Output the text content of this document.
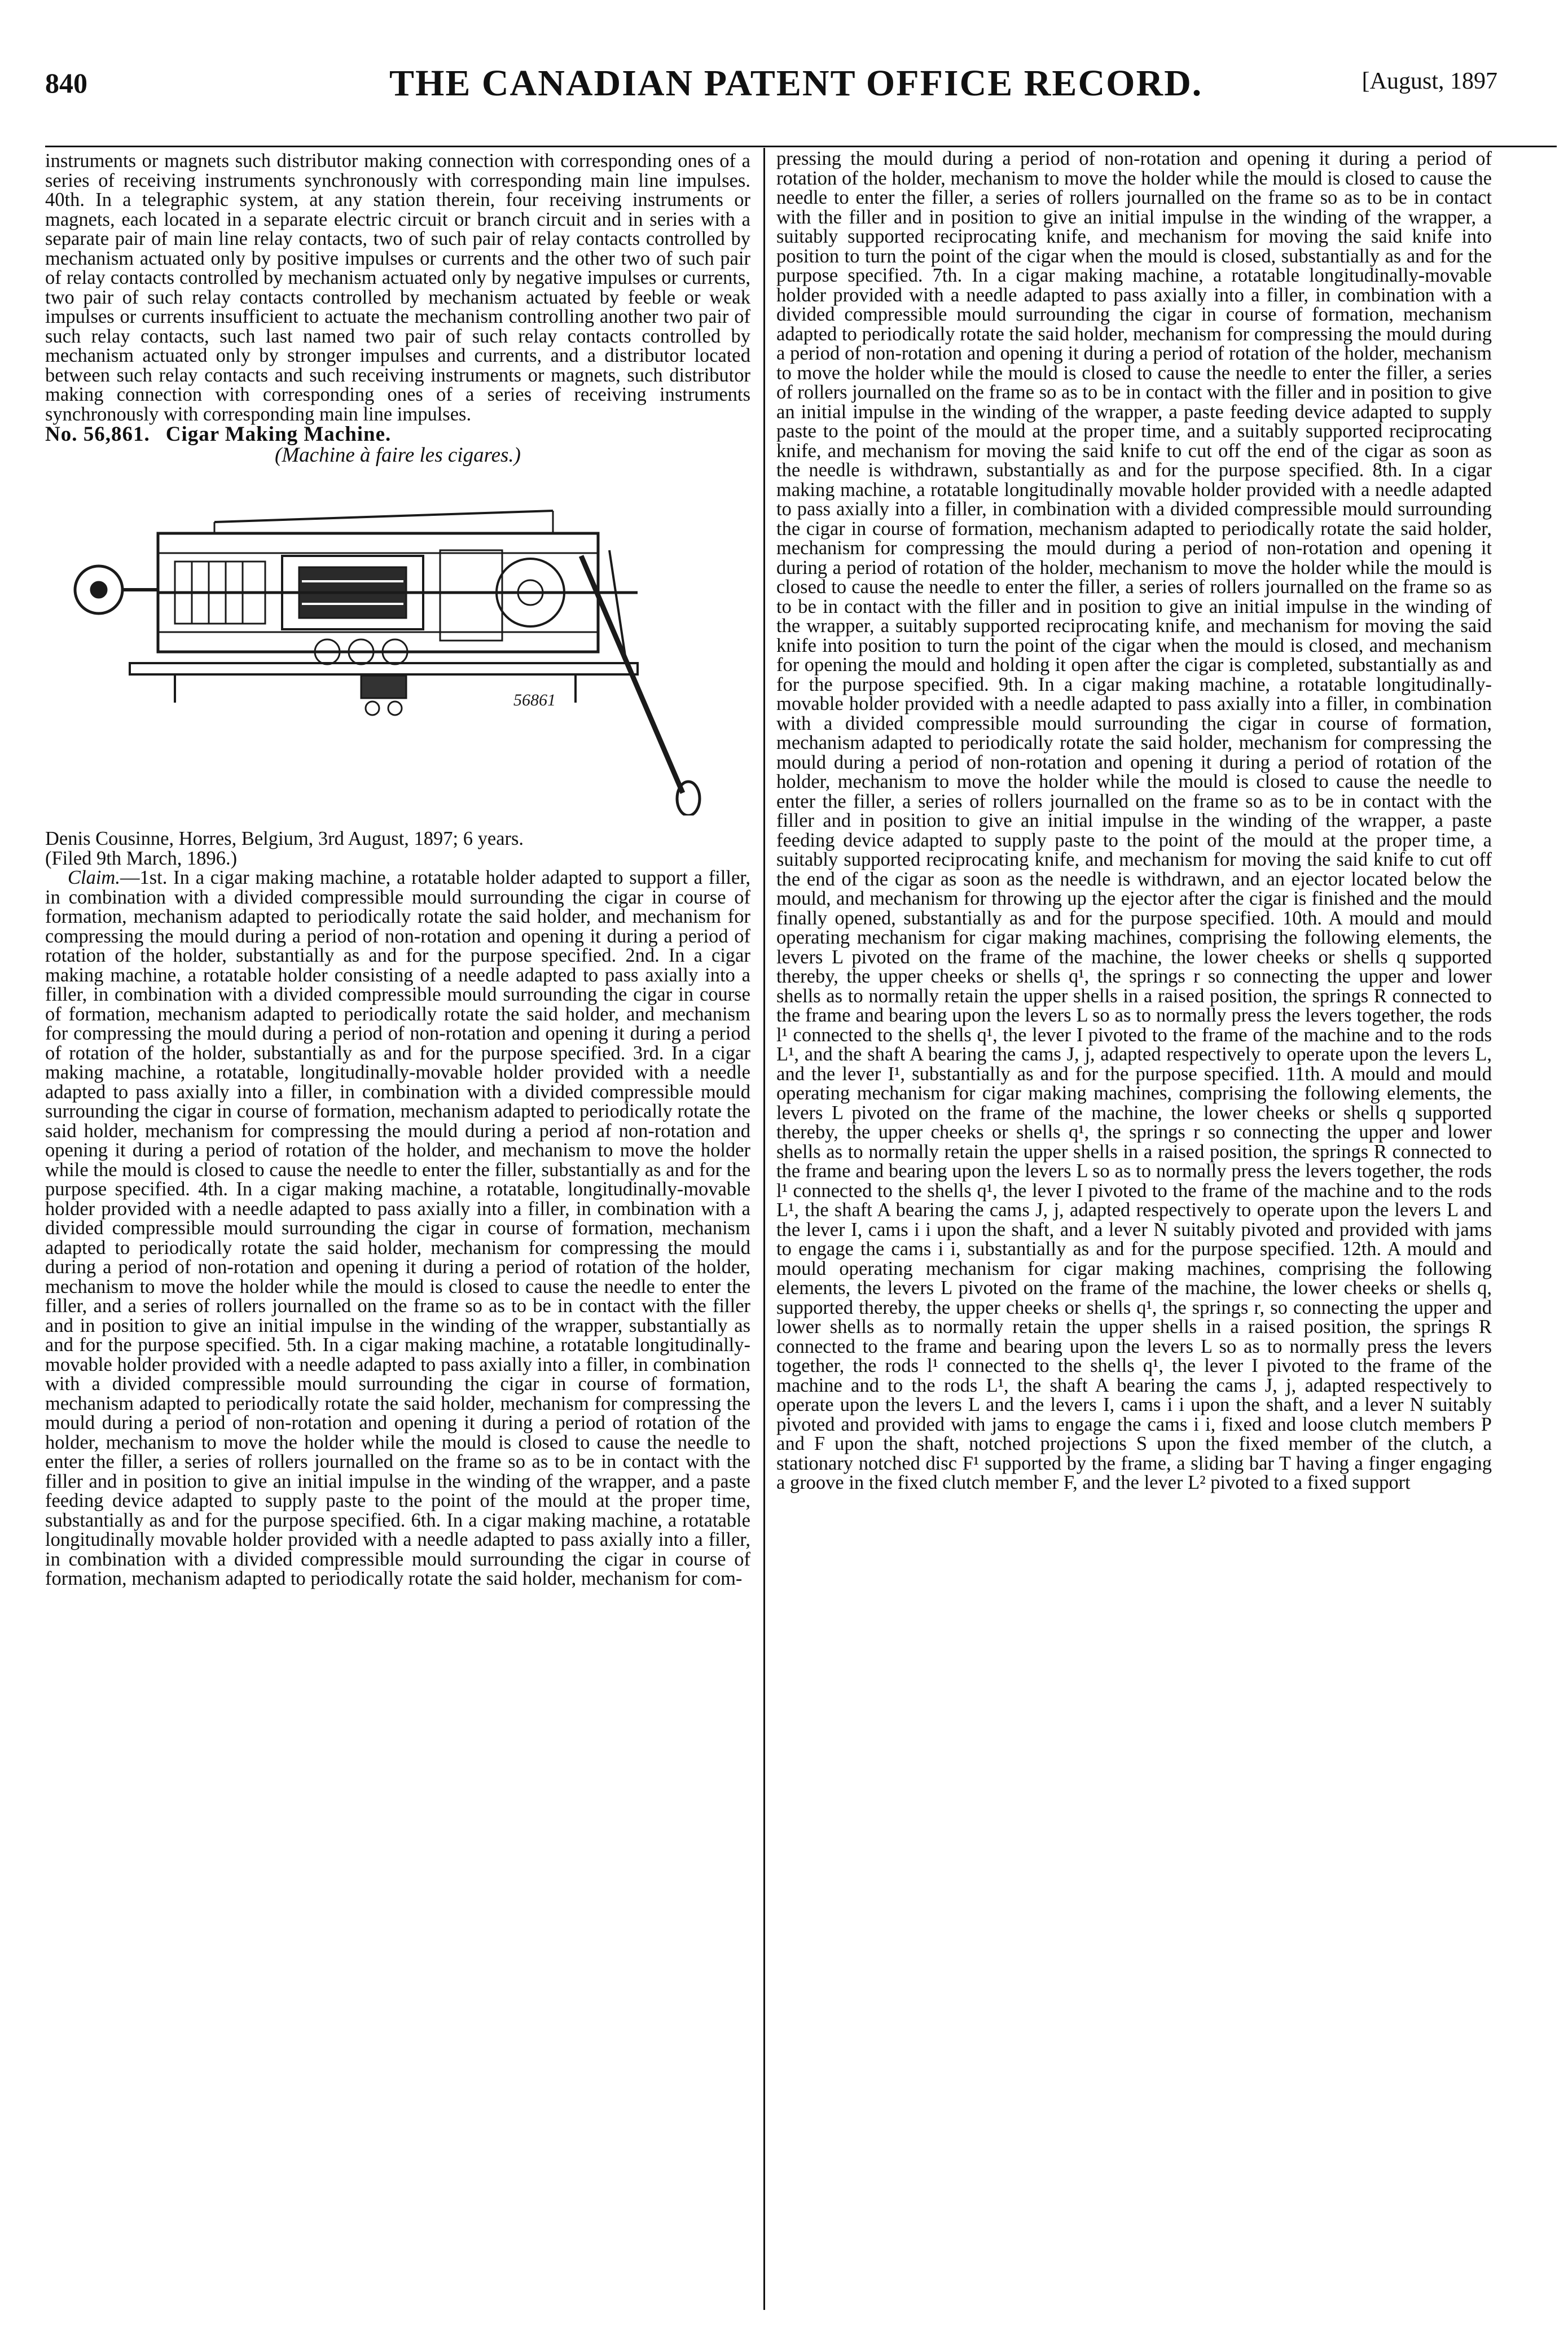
840	THE CANADIAN PATENT OFFICE RECORD.	[August, 1897

instruments or magnets such distributor making connection with corresponding ones of a series of receiving instruments synchronously with corresponding main line impulses. 40th. In a telegraphic system, at any station therein, four receiving instruments or magnets, each located in a separate electric circuit or branch circuit and in series with a separate pair of main line relay contacts, two of such pair of relay contacts controlled by mechanism actuated only by positive impulses or currents and the other two of such pair of relay contacts controlled by mechanism actuated only by negative impulses or currents, two pair of such relay contacts controlled by mechanism actuated by feeble or weak impulses or currents insufficient to actuate the mechanism controlling another two pair of such relay contacts, such last named two pair of such relay contacts controlled by mechanism actuated only by stronger impulses and currents, and a distributor located between such relay contacts and such receiving instruments or magnets, such distributor making connection with corresponding ones of a series of receiving instruments synchronously with corresponding main line impulses.

No. 56,861. Cigar Making Machine.

(Machine à faire les cigares.)

56861

Denis Cousinne, Horres, Belgium, 3rd August, 1897; 6 years.

(Filed 9th March, 1896.)

Claim.—1st. In a cigar making machine, a rotatable holder adapted to support a filler, in combination with a divided compressible mould surrounding the cigar in course of formation, mechanism adapted to periodically rotate the said holder, and mechanism for compressing the mould during a period of non-rotation and opening it during a period of rotation of the holder, substantially as and for the purpose specified. 2nd. In a cigar making machine, a rotatable holder consisting of a needle adapted to pass axially into a filler, in combination with a divided compressible mould surrounding the cigar in course of formation, mechanism adapted to periodically rotate the said holder, and mechanism for compressing the mould during a period of non-rotation and opening it during a period of rotation of the holder, substantially as and for the purpose specified. 3rd. In a cigar making machine, a rotatable, longitudinally-movable holder provided with a needle adapted to pass axially into a filler, in combination with a divided compressible mould surrounding the cigar in course of formation, mechanism adapted to periodically rotate the said holder, mechanism for compressing the mould during a period af non-rotation and opening it during a period of rotation of the holder, and mechanism to move the holder while the mould is closed to cause the needle to enter the filler, substantially as and for the purpose specified. 4th. In a cigar making machine, a rotatable, longitudinally-movable holder provided with a needle adapted to pass axially into a filler, in combination with a divided compressible mould surrounding the cigar in course of formation, mechanism adapted to periodically rotate the said holder, mechanism for compressing the mould during a period of non-rotation and opening it during a period of rotation of the holder, mechanism to move the holder while the mould is closed to cause the needle to enter the filler, and a series of rollers journalled on the frame so as to be in contact with the filler and in position to give an initial impulse in the winding of the wrapper, substantially as and for the purpose specified. 5th. In a cigar making machine, a rotatable longitudinally-movable holder provided with a needle adapted to pass axially into a filler, in combination with a divided compressible mould surrounding the cigar in course of formation, mechanism adapted to periodically rotate the said holder, mechanism for compressing the mould during a period of non-rotation and opening it during a period of rotation of the holder, mechanism to move the holder while the mould is closed to cause the needle to enter the filler, a series of rollers journalled on the frame so as to be in contact with the filler and in position to give an initial impulse in the winding of the wrapper, and a paste feeding device adapted to supply paste to the point of the mould at the proper time, substantially as and for the purpose specified. 6th. In a cigar making machine, a rotatable longitudinally movable holder provided with a needle adapted to pass axially into a filler, in combination with a divided compressible mould surrounding the cigar in course of formation, mechanism adapted to periodically rotate the said holder, mechanism for com-

pressing the mould during a period of non-rotation and opening it during a period of rotation of the holder, mechanism to move the holder while the mould is closed to cause the needle to enter the filler, a series of rollers journalled on the frame so as to be in contact with the filler and in position to give an initial impulse in the winding of the wrapper, a suitably supported reciprocating knife, and mechanism for moving the said knife into position to turn the point of the cigar when the mould is closed, substantially as and for the purpose specified. 7th. In a cigar making machine, a rotatable longitudinally-movable holder provided with a needle adapted to pass axially into a filler, in combination with a divided compressible mould surrounding the cigar in course of formation, mechanism adapted to periodically rotate the said holder, mechanism for compressing the mould during a period of non-rotation and opening it during a period of rotation of the holder, mechanism to move the holder while the mould is closed to cause the needle to enter the filler, a series of rollers journalled on the frame so as to be in contact with the filler and in position to give an initial impulse in the winding of the wrapper, a paste feeding device adapted to supply paste to the point of the mould at the proper time, and a suitably supported reciprocating knife, and mechanism for moving the said knife to cut off the end of the cigar as soon as the needle is withdrawn, substantially as and for the purpose specified. 8th. In a cigar making machine, a rotatable longitudinally movable holder provided with a needle adapted to pass axially into a filler, in combination with a divided compressible mould surrounding the cigar in course of formation, mechanism adapted to periodically rotate the said holder, mechanism for compressing the mould during a period of non-rotation and opening it during a period of rotation of the holder, mechanism to move the holder while the mould is closed to cause the needle to enter the filler, a series of rollers journalled on the frame so as to be in contact with the filler and in position to give an initial impulse in the winding of the wrapper, a suitably supported reciprocating knife, and mechanism for moving the said knife into position to turn the point of the cigar when the mould is closed, and mechanism for opening the mould and holding it open after the cigar is completed, substantially as and for the purpose specified. 9th. In a cigar making machine, a rotatable longitudinally-movable holder provided with a needle adapted to pass axially into a filler, in combination with a divided compressible mould surrounding the cigar in course of formation, mechanism adapted to periodically rotate the said holder, mechanism for compressing the mould during a period of non-rotation and opening it during a period of rotation of the holder, mechanism to move the holder while the mould is closed to cause the needle to enter the filler, a series of rollers journalled on the frame so as to be in contact with the filler and in position to give an initial impulse in the winding of the wrapper, a paste feeding device adapted to supply paste to the point of the mould at the proper time, a suitably supported reciprocating knife, and mechanism for moving the said knife to cut off the end of the cigar as soon as the needle is withdrawn, and an ejector located below the mould, and mechanism for throwing up the ejector after the cigar is finished and the mould finally opened, substantially as and for the purpose specified. 10th. A mould and mould operating mechanism for cigar making machines, comprising the following elements, the levers L pivoted on the frame of the machine, the lower cheeks or shells q supported thereby, the upper cheeks or shells q¹, the springs r so connecting the upper and lower shells as to normally retain the upper shells in a raised position, the springs R connected to the frame and bearing upon the levers L so as to normally press the levers together, the rods l¹ connected to the shells q¹, the lever I pivoted to the frame of the machine and to the rods L¹, and the shaft A bearing the cams J, j, adapted respectively to operate upon the levers L, and the lever I¹, substantially as and for the purpose specified. 11th. A mould and mould operating mechanism for cigar making machines, comprising the following elements, the levers L pivoted on the frame of the machine, the lower cheeks or shells q supported thereby, the upper cheeks or shells q¹, the springs r so connecting the upper and lower shells as to normally retain the upper shells in a raised position, the springs R connected to the frame and bearing upon the levers L so as to normally press the levers together, the rods l¹ connected to the shells q¹, the lever I pivoted to the frame of the machine and to the rods L¹, the shaft A bearing the cams J, j, adapted respectively to operate upon the levers L and the lever I, cams i i upon the shaft, and a lever N suitably pivoted and provided with jams to engage the cams i i, substantially as and for the purpose specified. 12th. A mould and mould operating mechanism for cigar making machines, comprising the following elements, the levers L pivoted on the frame of the machine, the lower cheeks or shells q, supported thereby, the upper cheeks or shells q¹, the springs r, so connecting the upper and lower shells as to normally retain the upper shells in a raised position, the springs R connected to the frame and bearing upon the levers L so as to normally press the levers together, the rods l¹ connected to the shells q¹, the lever I pivoted to the frame of the machine and to the rods L¹, the shaft A bearing the cams J, j, adapted respectively to operate upon the levers L and the levers I, cams i i upon the shaft, and a lever N suitably pivoted and provided with jams to engage the cams i i, fixed and loose clutch members P and F upon the shaft, notched projections S upon the fixed member of the clutch, a stationary notched disc F¹ supported by the frame, a sliding bar T having a finger engaging a groove in the fixed clutch member F, and the lever L² pivoted to a fixed support
